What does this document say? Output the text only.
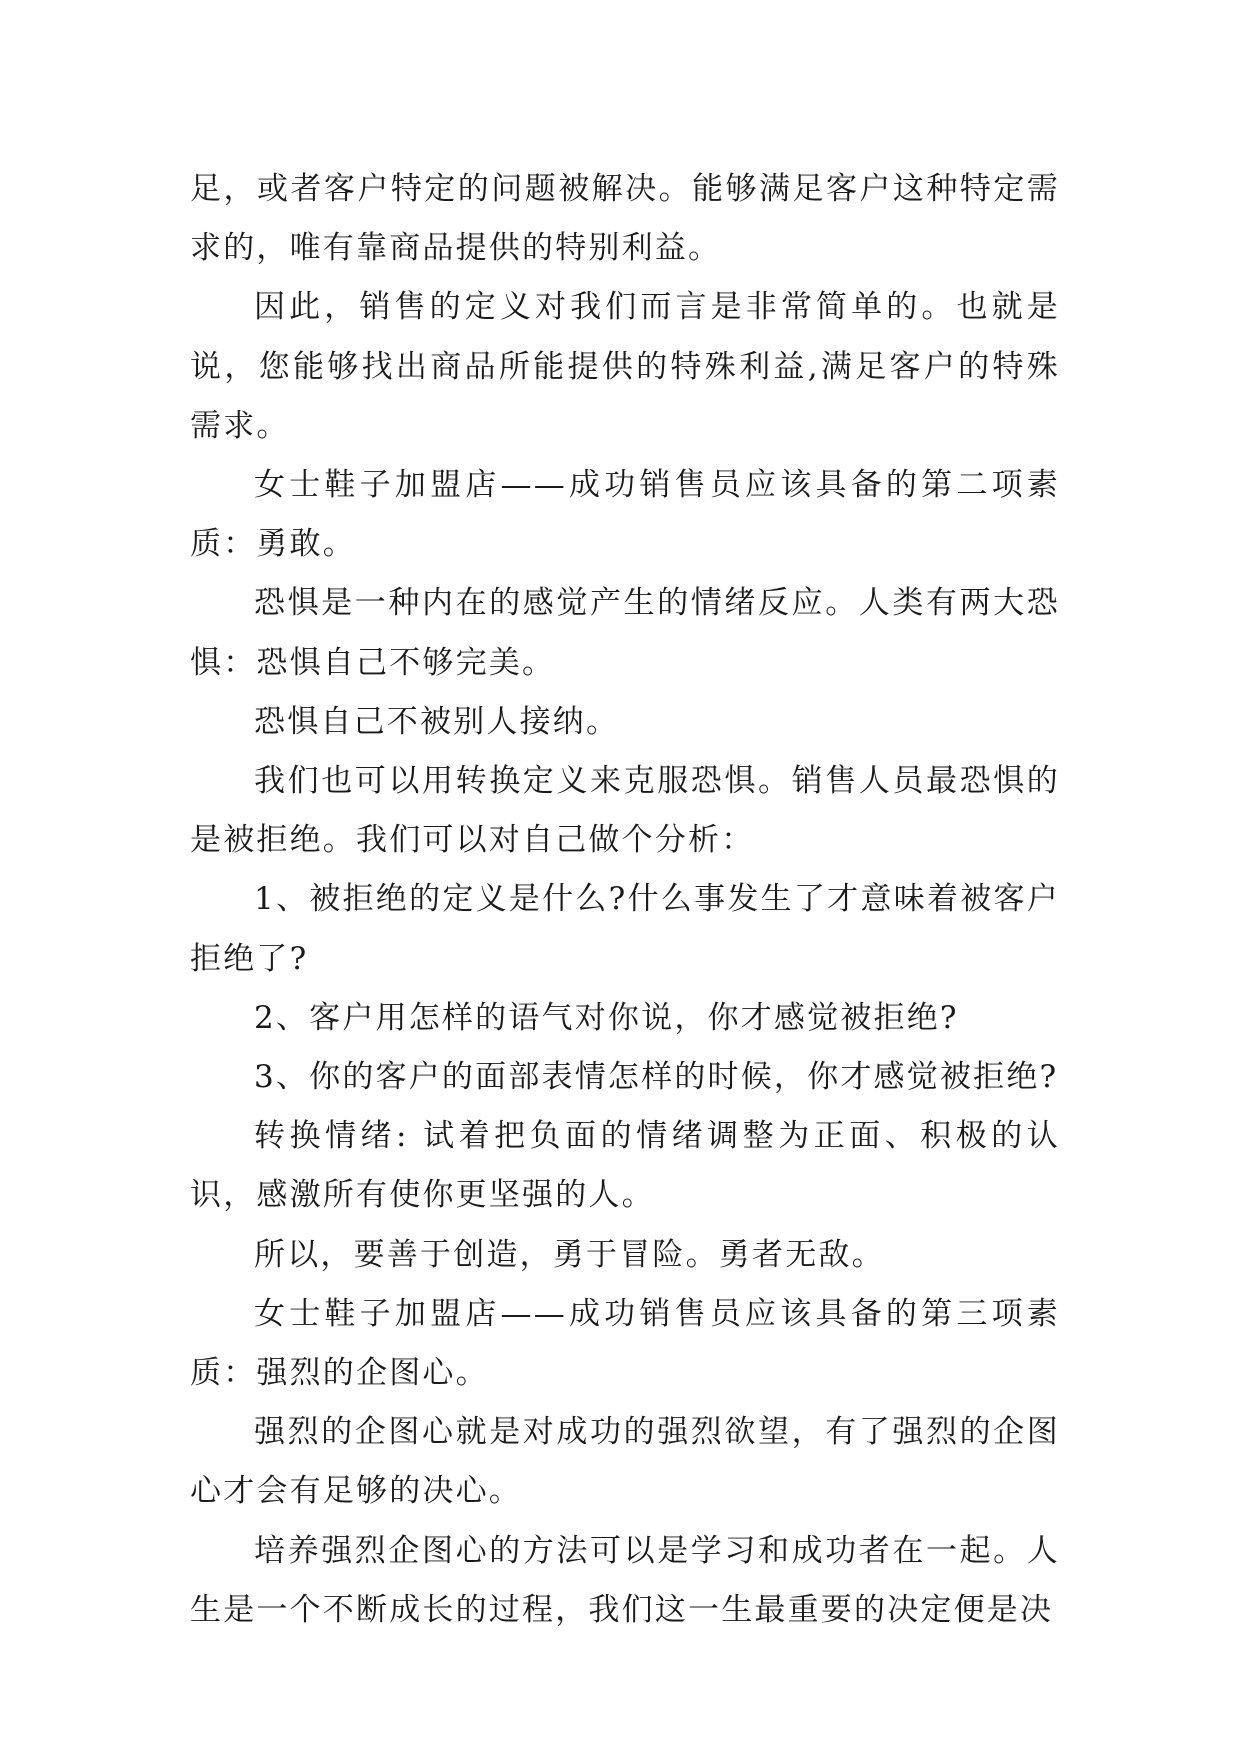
足，或者客户特定的问题被解决。能够满足客户这种特定需求的，唯有靠商品提供的特别利益。

因此，销售的定义对我们而言是非常简单的。也就是说，您能够找出商品所能提供的特殊利益,满足客户的特殊需求。

女士鞋子加盟店——成功销售员应该具备的第二项素质：勇敢。

恐惧是一种内在的感觉产生的情绪反应。人类有两大恐惧：恐惧自己不够完美。

恐惧自己不被别人接纳。

我们也可以用转换定义来克服恐惧。销售人员最恐惧的是被拒绝。我们可以对自己做个分析：

1、被拒绝的定义是什么?什么事发生了才意味着被客户拒绝了?

2、客户用怎样的语气对你说，你才感觉被拒绝?

3、你的客户的面部表情怎样的时候，你才感觉被拒绝?

转换情绪: 试着把负面的情绪调整为正面、积极的认识，感激所有使你更坚强的人。

所以，要善于创造，勇于冒险。勇者无敌。

女士鞋子加盟店——成功销售员应该具备的第三项素质：强烈的企图心。

强烈的企图心就是对成功的强烈欲望，有了强烈的企图心才会有足够的决心。

培养强烈企图心的方法可以是学习和成功者在一起。人生是一个不断成长的过程，我们这一生最重要的决定便是决
